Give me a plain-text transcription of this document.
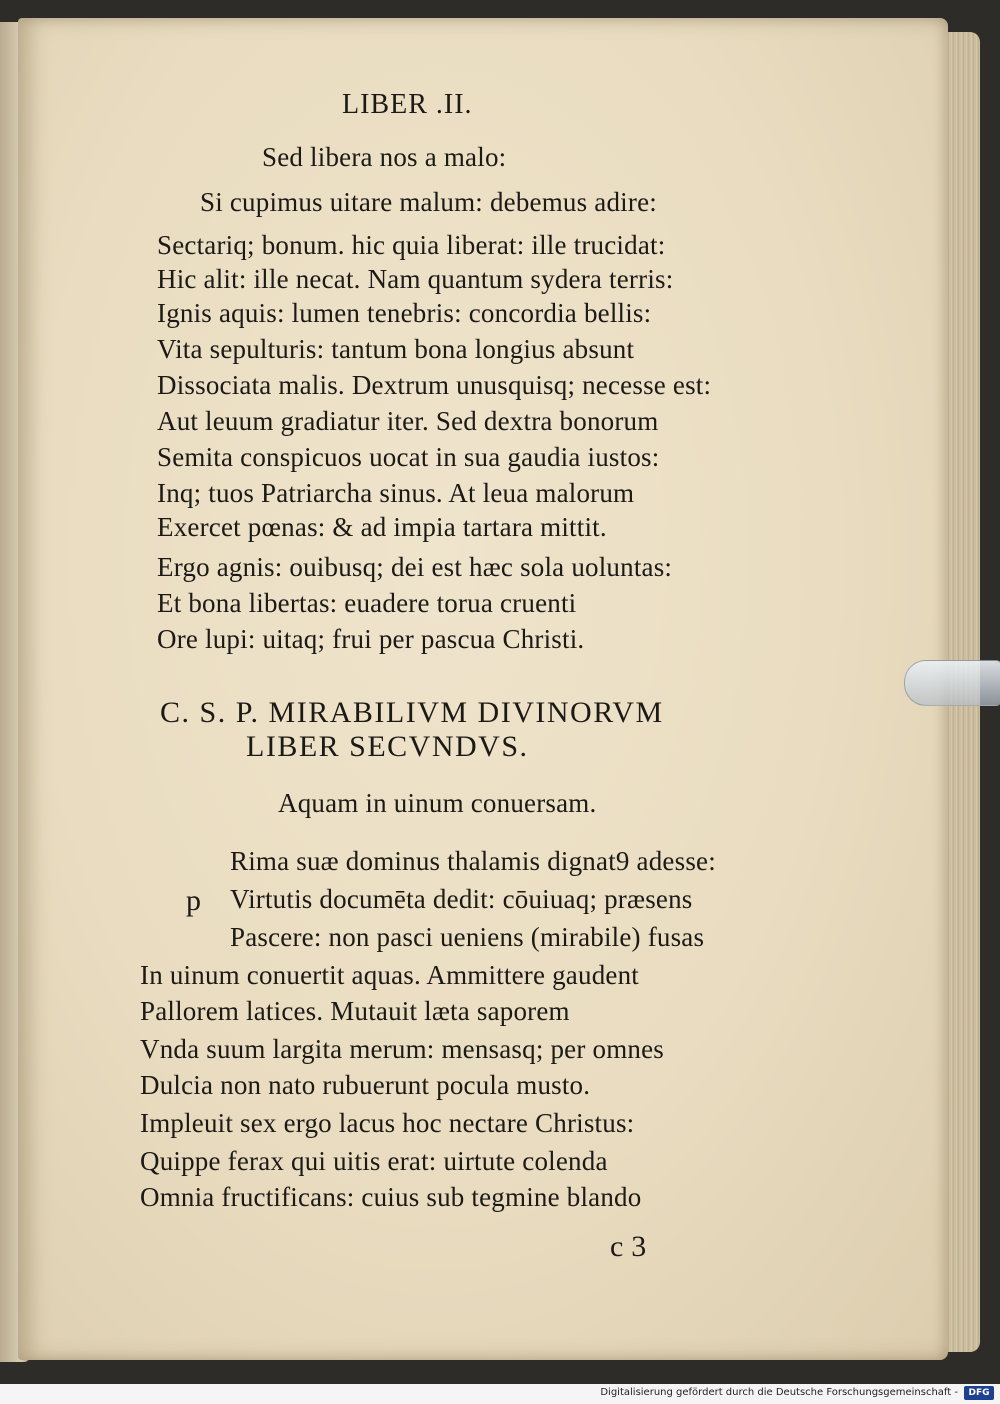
LIBER .II.
Sed libera nos a malo:
Si cupimus uitare malum: debemus adire:
Sectariq; bonum. hic quia liberat: ille trucidat:
Hic alit: ille necat. Nam quantum sydera terris:
Ignis aquis: lumen tenebris: concordia bellis:
Vita sepulturis: tantum bona longius absunt
Dissociata malis. Dextrum unusquisq; necesse est:
Aut leuum gradiatur iter. Sed dextra bonorum
Semita conspicuos uocat in sua gaudia iustos:
Inq; tuos Patriarcha sinus. At leua malorum
Exercet pœnas: & ad impia tartara mittit.
Ergo agnis: ouibusq; dei est hæc sola uoluntas:
Et bona libertas: euadere torua cruenti
Ore lupi: uitaq; frui per pascua Christi.
C. S. P. MIRABILIVM DIVINORVM
LIBER SECVNDVS.
Aquam in uinum conuersam.
p
Rima suæ dominus thalamis dignat9 adesse:
Virtutis documēta dedit: cōuiuaq; præsens
Pascere: non pasci ueniens (mirabile) fusas
In uinum conuertit aquas. Ammittere gaudent
Pallorem latices. Mutauit læta saporem
Vnda suum largita merum: mensasq; per omnes
Dulcia non nato rubuerunt pocula musto.
Impleuit sex ergo lacus hoc nectare Christus:
Quippe ferax qui uitis erat: uirtute colenda
Omnia fructificans: cuius sub tegmine blando
c 3
Digitalisierung gefördert durch die Deutsche Forschungsgemeinschaft -	DFG
